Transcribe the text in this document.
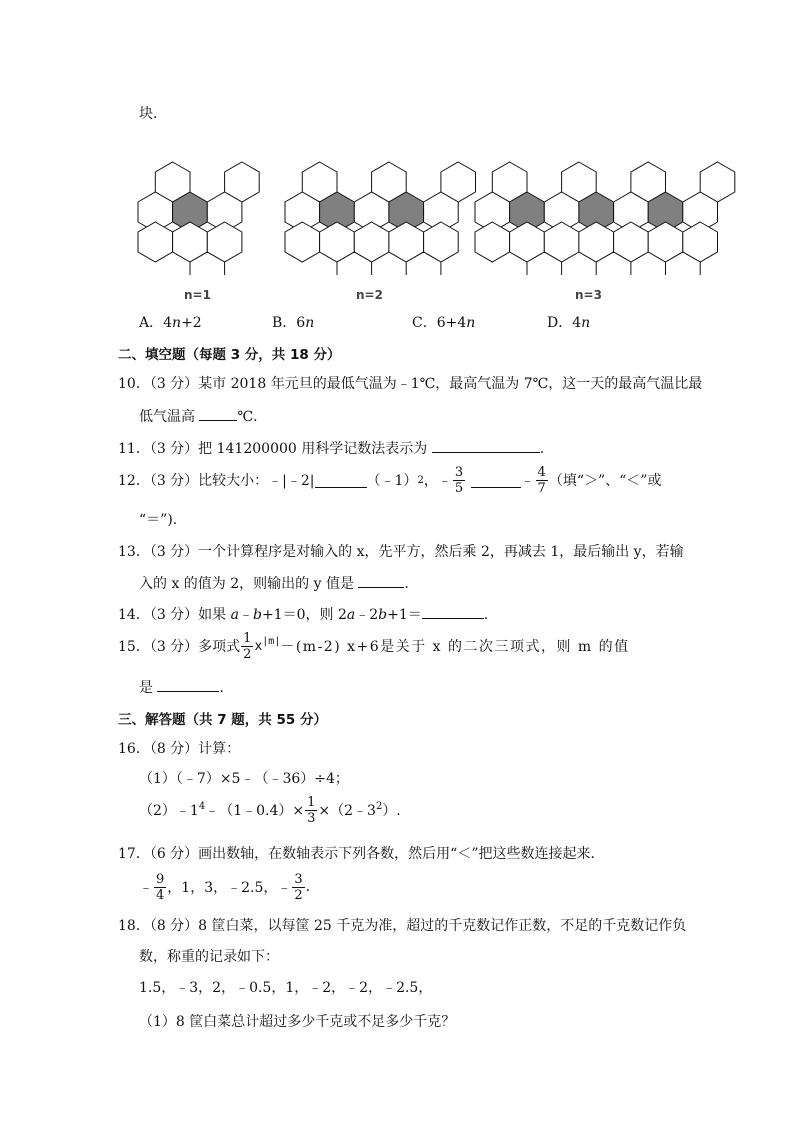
块.
n=1	n=2	n=3
A．4n+2	B．6n	C．6+4n	D．4n
二、填空题（每题 3 分，共 18 分）
10．（3 分）某市 2018 年元旦的最低气温为﹣1℃，最高气温为 7℃，这一天的最高气温比最
低气温高	℃.
11．（3 分）把 141200000 用科学记数法表示为	.
12．（3 分）比较大小：﹣|﹣2|	（﹣1） 2 ，﹣ $\frac{3}{5}$
	﹣ $\frac{4}{7}$ （填“＞”、“＜”或
“＝”).
13．（3 分）一个计算程序是对输入的 x，先平方，然后乘 2，再减去 1，最后输出 y，若输
入的 x 的值为 2，则输出的 y 值是	.
14．（3 分）如果 a﹣b+1＝0，则 2a﹣2b+1＝	.
15．（3 分）多项式 $\frac{1}{2} x^{|m|} -(m-2)$ x+6是关于 x 的二次三项式，则 m 的值
是	.
三、解答题（共 7 题，共 55 分）
16．（8 分）计算：
（1）（﹣7）×5﹣（﹣36）÷4；
$(2)﹣1^4$ ﹣（1﹣0.4）× $\frac{1}{3}$ $\times(2﹣3^2$ ）.
17．（6 分）画出数轴，在数轴表示下列各数，然后用“＜”把这些数连接起来．
﹣ $\frac{9}{4}$ ，1，3，﹣2.5，﹣ $\frac{3}{2}$ .
18．（8 分）8 筐白菜，以每筐 25 千克为准，超过的千克数记作正数，不足的千克数记作负
数，称重的记录如下：
1.5，﹣3，2，﹣0.5，1，﹣2，﹣2，﹣2.5，
（1）8 筐白菜总计超过多少千克或不足多少千克？
